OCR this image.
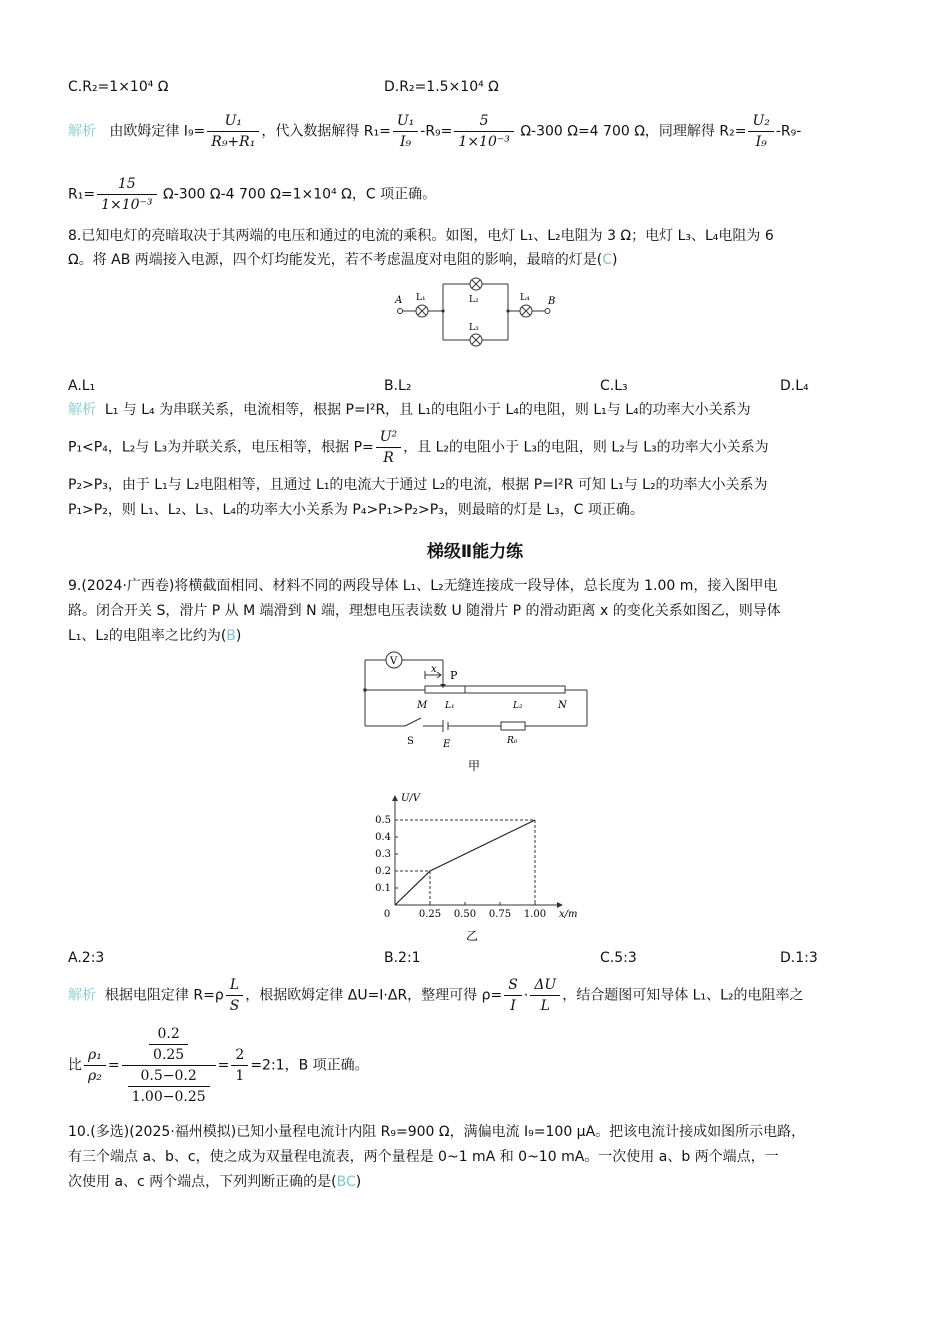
C.R₂=1×10⁴ Ω	D.R₂=1.5×10⁴ Ω
解析 由欧姆定律 $I_9= \frac{\text{U₁}}{\text{R₉+R₁}}$ ，代入数据解得 $R_1= \frac{\text{U₁}}{\text{I₉}} -R_9= \frac{5}{\text{1×10⁻³}} \Omega-300$ Ω=4 700 Ω，同理解得 $R_2= \frac{\text{U₂}}{\text{I₉}} -R_9-$
$R_1= \frac{15}{\text{1×10⁻³}} \Omega-300$ Ω-4 700 Ω=1×10⁴ Ω，C 项正确。
8.已知电灯的亮暗取决于其两端的电压和通过的电流的乘积。如图，电灯 L₁、L₂电阻为 3 Ω；电灯 L₃、L₄电阻为 6
Ω。将 AB 两端接入电源，四个灯均能发光，若不考虑温度对电阻的影响，最暗的灯是(C)
A L₁	L₂
L₃
L₄ B
A.L₁	B.L₂	C.L₃	D.L₄
解析 L₁ 与 L₄ 为串联关系，电流相等，根据 P=I²R，且 L₁的电阻小于 L₄的电阻，则 L₁与 L₄的功率大小关系为
P₁<P₄，L₂与 L₃为并联关系，电压相等，根据 $P= \frac{\text{U²}}{R}$ ，且 L₂的电阻小于 L₃的电阻，则 L₂与 L₃的功率大小关系为
P₂>P₃，由于 L₁与 L₂电阻相等，且通过 L₁的电流大于通过 L₂的电流，根据 P=I²R 可知 L₁与 L₂的功率大小关系为
P₁>P₂，则 L₁、L₂、L₃、L₄的功率大小关系为 P₄>P₁>P₂>P₃，则最暗的灯是 L₃，C 项正确。
梯级Ⅱ能力练
9.(2024·广西卷)将横截面相同、材料不同的两段导体 L₁、L₂无缝连接成一段导体，总长度为 1.00 m，接入图甲电
路。闭合开关 S，滑片 P 从 M 端滑到 N 端，理想电压表读数 U 随滑片 P 的滑动距离 x 的变化关系如图乙，则导体
L₁、L₂的电阻率之比约为(B)
V
x P
M L₁	L₂	N
S	E	R₀
甲
0	0.25 0.50 0.75 1.00
0.1
0.2
0.3
0.4
0.5
U/V
x/m
乙
A.2:3	B.2:1	C.5:3	D.1:3
解析 根据电阻定律 $R=\rho \frac{L}{S}$ ，根据欧姆定律 ΔU=I·ΔR，整理可得 $\rho= \frac{S}{I} \cdot \frac{\Delta U}{L}$ ，结合题图可知导体 L₁、L₂的电阻率之
比 $\frac{\text{ρ₁}}{\text{ρ₂}} = \frac{\frac{0.2}{0.25}}{\frac{0.5-0.2}{1.00-0.25}} = \frac{2}{1}$ =2:1，B 项正确。
10.(多选)(2025·福州模拟)已知小量程电流计内阻 R₉=900 Ω，满偏电流 I₉=100 μA。把该电流计接成如图所示电路，
有三个端点 a、b、c，使之成为双量程电流表，两个量程是 0~1 mA 和 0~10 mA。一次使用 a、b 两个端点，一
次使用 a、c 两个端点，下列判断正确的是(BC)
